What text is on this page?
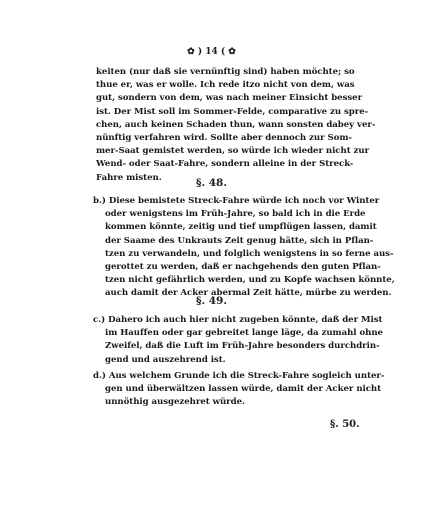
✿ ) 14 ( ✿
keiten (nur daß sie vernünftig sind) haben möchte; so
thue er, was er wolle. Ich rede itzo nicht von dem, was
gut, sondern von dem, was nach meiner Einsicht besser
ist. Der Mist soll im Sommer-Felde, comparative zu spre-
chen, auch keinen Schaden thun, wann sonsten dabey ver-
nünftig verfahren wird. Sollte aber dennoch zur Som-
mer-Saat gemistet werden, so würde ich wieder nicht zur
Wend- oder Saat-Fahre, sondern alleine in der Streck-
Fahre misten.	§. 48.
b.) Diese bemistete Streck-Fahre würde ich noch vor Winter
oder wenigstens im Früh-Jahre, so bald ich in die Erde
kommen könnte, zeitig und tief umpflügen lassen, damit
der Saame des Unkrauts Zeit genug hätte, sich in Pflan-
tzen zu verwandeln, und folglich wenigstens in so ferne aus-
gerottet zu werden, daß er nachgehends den guten Pflan-
tzen nicht gefährlich werden, und zu Kopfe wachsen könnte,
auch damit der Acker abermal Zeit hätte, mürbe zu werden.
§. 49.
c.) Dahero ich auch hier nicht zugeben könnte, daß der Mist
im Hauffen oder gar gebreitet lange läge, da zumahl ohne
Zweifel, daß die Luft im Früh-Jahre besonders durchdrin-
gend und auszehrend ist.
d.) Aus welchem Grunde ich die Streck-Fahre sogleich unter-
gen und überwältzen lassen würde, damit der Acker nicht
unnöthig ausgezehret würde.
§. 50.
